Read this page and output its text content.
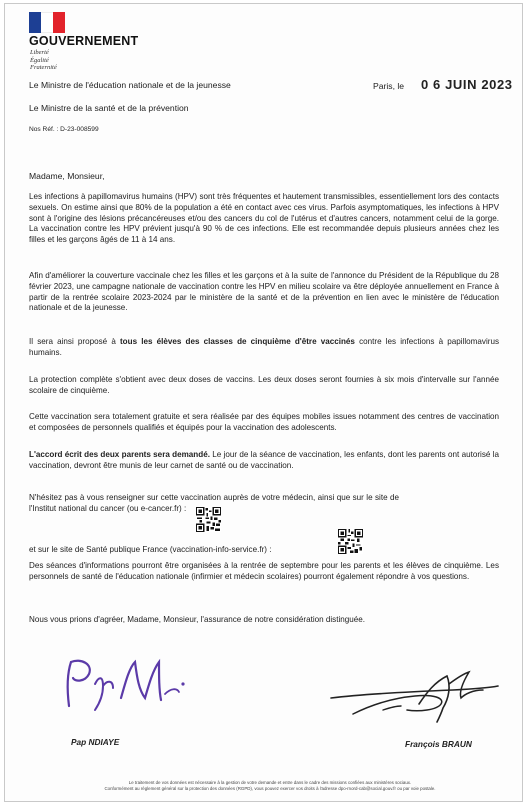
GOUVERNEMENT
Liberté
Égalité
Fraternité
Le Ministre de l'éducation nationale et de la jeunesse
Le Ministre de la santé et de la prévention
Nos Réf. : D-23-008599
Paris, le 0 6 JUIN 2023
Madame, Monsieur,
Les infections à papillomavirus humains (HPV) sont très fréquentes et hautement transmissibles, essentiellement lors des contacts sexuels. On estime ainsi que 80% de la population a été en contact avec ces virus. Parfois asymptomatiques, les infections à HPV sont à l'origine des lésions précancéreuses et/ou des cancers du col de l'utérus et d'autres cancers, notamment celui de la gorge. La vaccination contre les HPV prévient jusqu'à 90 % de ces infections. Elle est recommandée depuis plusieurs années chez les filles et les garçons âgés de 11 à 14 ans.
Afin d'améliorer la couverture vaccinale chez les filles et les garçons et à la suite de l'annonce du Président de la République du 28 février 2023, une campagne nationale de vaccination contre les HPV en milieu scolaire va être déployée annuellement en France à partir de la rentrée scolaire 2023-2024 par le ministère de la santé et de la prévention en lien avec le ministère de l'éducation nationale et de la jeunesse.
Il sera ainsi proposé à tous les élèves des classes de cinquième d'être vaccinés contre les infections à papillomavirus humains.
La protection complète s'obtient avec deux doses de vaccins. Les deux doses seront fournies à six mois d'intervalle sur l'année scolaire de cinquième.
Cette vaccination sera totalement gratuite et sera réalisée par des équipes mobiles issues notamment des centres de vaccination et composées de personnels qualifiés et équipés pour la vaccination des adolescents.
L'accord écrit des deux parents sera demandé. Le jour de la séance de vaccination, les enfants, dont les parents ont autorisé la vaccination, devront être munis de leur carnet de santé ou de vaccination.
N'hésitez pas à vous renseigner sur cette vaccination auprès de votre médecin, ainsi que sur le site de l'Institut national du cancer (ou e-cancer.fr) :
et sur le site de Santé publique France (vaccination-info-service.fr) :
Des séances d'informations pourront être organisées à la rentrée de septembre pour les parents et les élèves de cinquième. Les personnels de santé de l'éducation nationale (infirmier et médecin scolaires) pourront également répondre à vos questions.
Nous vous prions d'agréer, Madame, Monsieur, l'assurance de notre considération distinguée.
Pap NDIAYE	François BRAUN
Le traitement de vos données est nécessaire à la gestion de votre demande et entre dans le cadre des missions confiées aux ministères sociaux.
Conformément au règlement général sur la protection des données (RGPD), vous pouvez exercer vos droits à l'adresse dpo-rnord-cab@social.gouv.fr ou par voie postale.
